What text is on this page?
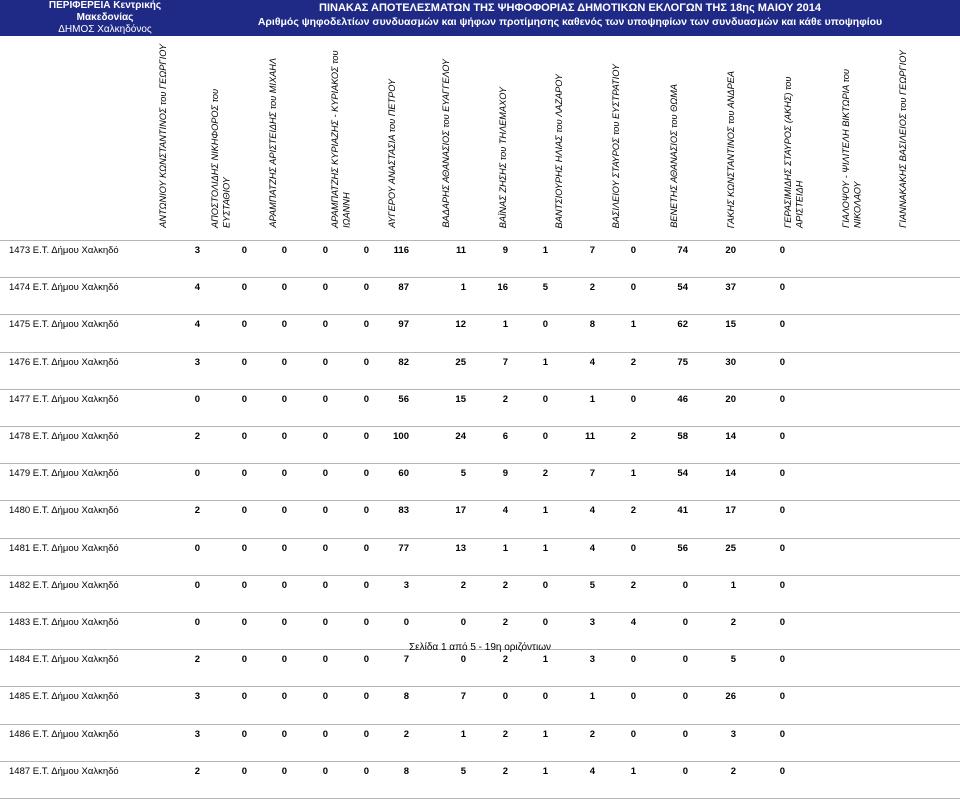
ΠΕΡΙΦΕΡΕΙΑ Κεντρικής Μακεδονίας
ΔΗΜΟΣ Χαλκηδόνος
ΠΡΩΤΟΔΙΚΕΙΟ ΘΕΣΣΑΛΟΝΙΚΗΣ
ΠΙΝΑΚΑΣ ΑΠΟΤΕΛΕΣΜΑΤΩΝ ΤΗΣ ΨΗΦΟΦΟΡΙΑΣ ΔΗΜΟΤΙΚΩΝ ΕΚΛΟΓΩΝ ΤΗΣ 18ης ΜΑΙΟΥ 2014
Αριθμός ψηφοδελτίων συνδυασμών και ψήφων προτίμησης καθενός των υποψηφίων των συνδυασμών και κάθε υποψηφίου
ΑΝΤΩΝΙΟΥ ΚΩΝΣΤΑΝΤΙΝΟΣ του ΓΕΩΡΓΙΟΥ	ΑΠΟΣΤΟΛΙΔΗΣ ΝΙΚΗΦΟΡΟΣ του ΕΥΣΤΑΘΙΟΥ	ΑΡΑΜΠΑΤΖΗΣ ΑΡΙΣΤΕΙΔΗΣ του ΜΙΧΑΗΛ	ΑΡΑΜΠΑΤΖΗΣ ΚΥΡΙΑΖΗΣ - ΚΥΡΙΑΚΟΣ του ΙΩΑΝΝΗ	ΑΥΓΕΡΟΥ ΑΝΑΣΤΑΣΙΑ του ΠΕΤΡΟΥ	ΒΑΔΑΡΗΣ ΑΘΑΝΑΣΙΟΣ του ΕΥΑΓΓΕΛΟΥ	ΒΑΪΝΑΣ ΖΗΣΗΣ του ΤΗΛΕΜΑΧΟΥ	ΒΑΝΤΣΙΟΥΡΗΣ ΗΛΙΑΣ του ΛΑΖΑΡΟΥ	ΒΑΣΙΛΕΙΟΥ ΣΤΑΥΡΟΣ του ΕΥΣΤΡΑΤΙΟΥ	ΒΕΝΕΤΗΣ ΑΘΑΝΑΣΙΟΣ του ΘΩΜΑ	ΓΑΚΗΣ ΚΩΝΣΤΑΝΤΙΝΟΣ του ΑΝΔΡΕΑ	ΓΕΡΑΣΙΜΙΔΗΣ ΣΤΑΥΡΟΣ (ΑΚΗΣ) του ΑΡΙΣΤΕΙΔΗ	ΓΙΑΛΟΨΟΥ - ΨΙΛΙΤΕΛΗ ΒΙΚΤΩΡΙΑ του ΝΙΚΟΛΑΟΥ	ΓΙΑΝΝΑΚΑΚΗΣ ΒΑΣΙΛΕΙΟΣ του ΓΕΩΡΓΙΟΥ
1473 Ε.Τ. Δήμου Χαλκηδό	3	0	0	0	0	116	11	9	1	7	0	74	20	0
1474 Ε.Τ. Δήμου Χαλκηδό	4	0	0	0	0	87	1	16	5	2	0	54	37	0
1475 Ε.Τ. Δήμου Χαλκηδό	4	0	0	0	0	97	12	1	0	8	1	62	15	0
1476 Ε.Τ. Δήμου Χαλκηδό	3	0	0	0	0	82	25	7	1	4	2	75	30	0
1477 Ε.Τ. Δήμου Χαλκηδό	0	0	0	0	0	56	15	2	0	1	0	46	20	0
1478 Ε.Τ. Δήμου Χαλκηδό	2	0	0	0	0	100	24	6	0	11	2	58	14	0
1479 Ε.Τ. Δήμου Χαλκηδό	0	0	0	0	0	60	5	9	2	7	1	54	14	0
1480 Ε.Τ. Δήμου Χαλκηδό	2	0	0	0	0	83	17	4	1	4	2	41	17	0
1481 Ε.Τ. Δήμου Χαλκηδό	0	0	0	0	0	77	13	1	1	4	0	56	25	0
1482 Ε.Τ. Δήμου Χαλκηδό	0	0	0	0	0	3	2	2	0	5	2	0	1	0
1483 Ε.Τ. Δήμου Χαλκηδό	0	0	0	0	0	0	0	2	0	3	4	0	2	0
1484 Ε.Τ. Δήμου Χαλκηδό	2	0	0	0	0	7	0	2	1	3	0	0	5	0
1485 Ε.Τ. Δήμου Χαλκηδό	3	0	0	0	0	8	7	0	0	1	0	0	26	0
1486 Ε.Τ. Δήμου Χαλκηδό	3	0	0	0	0	2	1	2	1	2	0	0	3	0
1487 Ε.Τ. Δήμου Χαλκηδό	2	0	0	0	0	8	5	2	1	4	1	0	2	0
Σελίδα 1 από 5 - 19η οριζόντιων
